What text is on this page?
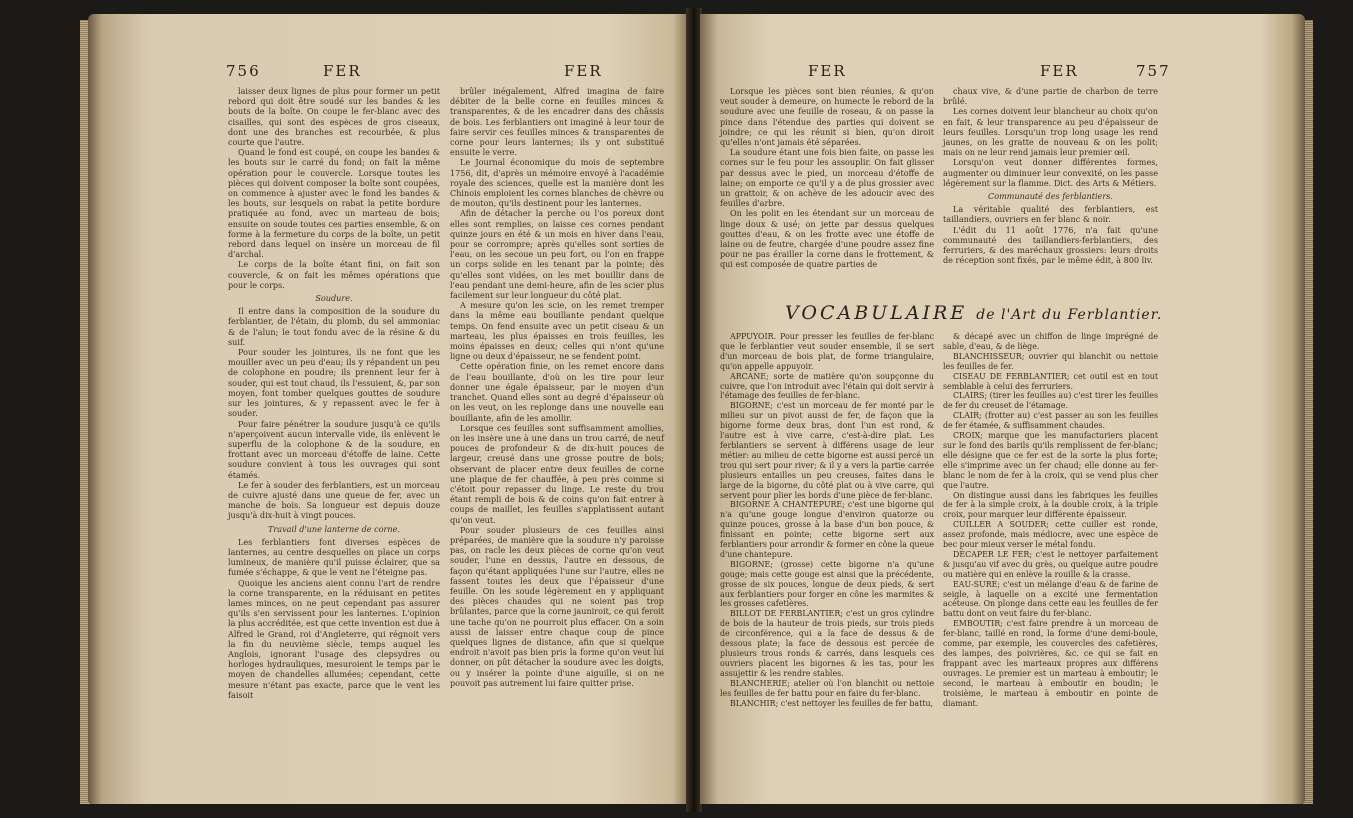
756	FER	FER

laisser deux lignes de plus pour former un petit rebord qui doit être soudé sur les bandes & les bouts de la boîte. On coupe le fer-blanc avec des cisailles, qui sont des espèces de gros ciseaux, dont une des branches est recourbée, & plus courte que l'autre.

Quand le fond est coupé, on coupe les bandes & les bouts sur le carré du fond; on fait la même opération pour le couvercle. Lorsque toutes les pièces qui doivent composer la boîte sont coupées, on commence à ajuster avec le fond les bandes & les bouts, sur lesquels on rabat la petite bordure pratiquée au fond, avec un marteau de bois; ensuite on soude toutes ces parties ensemble, & on forme à la fermeture du corps de la boîte, un petit rebord dans lequel on insère un morceau de fil d'archal.

Le corps de la boîte étant fini, on fait son couvercle, & on fait les mêmes opérations que pour le corps.

Soudure.

Il entre dans la composition de la soudure du ferblantier, de l'étain, du plomb, du sel ammoniac & de l'alun; le tout fondu avec de la résine & du suif.

Pour souder les jointures, ils ne font que les mouiller avec un peu d'eau; ils y répandent un peu de colophone en poudre; ils prennent leur fer à souder, qui est tout chaud, ils l'essuient, &, par son moyen, font tomber quelques gouttes de soudure sur les jointures, & y repassent avec le fer à souder.

Pour faire pénétrer la soudure jusqu'à ce qu'ils n'aperçoivent aucun intervalle vide, ils enlèvent le superflu de la colophone & de la soudure, en frottant avec un morceau d'étoffe de laine. Cette soudure convient à tous les ouvrages qui sont étamés.

Le fer à souder des ferblantiers, est un morceau de cuivre ajusté dans une queue de fer, avec un manche de bois. Sa longueur est depuis douze jusqu'à dix-huit à vingt pouces.

Travail d'une lanterne de corne.

Les ferblantiers font diverses espèces de lanternes, au centre desquelles on place un corps lumineux, de manière qu'il puisse éclairer, que sa fumée s'échappe, & que le vent ne l'éteigne pas.

Quoique les anciens aient connu l'art de rendre la corne transparente, en la réduisant en petites lames minces, on ne peut cependant pas assurer qu'ils s'en servissent pour les lanternes. L'opinion la plus accréditée, est que cette invention est due à Alfred le Grand, roi d'Angleterre, qui régnoit vers la fin du neuvième siècle, temps auquel les Anglois, ignorant l'usage des clepsydres ou horloges hydrauliques, mesuroient le temps par le moyen de chandelles allumées; cependant, cette mesure n'étant pas exacte, parce que le vent les faisoit

brûler inégalement, Alfred imagina de faire débiter de la belle corne en feuilles minces & transparentes, & de les encadrer dans des châssis de bois. Les ferblantiers ont imaginé à leur tour de faire servir ces feuilles minces & transparentes de corne pour leurs lanternes; ils y ont substitué ensuite le verre.

Le Journal économique du mois de septembre 1756, dit, d'après un mémoire envoyé à l'académie royale des sciences, quelle est la manière dont les Chinois emploient les cornes blanches de chèvre ou de mouton, qu'ils destinent pour les lanternes.

Afin de détacher la perche ou l'os poreux dont elles sont remplies, on laisse ces cornes pendant quinze jours en été & un mois en hiver dans l'eau, pour se corrompre; après qu'elles sont sorties de l'eau, on les secoue un peu fort, ou l'on en frappe un corps solide en les tenant par la pointe; dès qu'elles sont vidées, on les met bouillir dans de l'eau pendant une demi-heure, afin de les scier plus facilement sur leur longueur du côté plat.

A mesure qu'on les scie, on les remet tremper dans la même eau bouillante pendant quelque temps. On fend ensuite avec un petit ciseau & un marteau, les plus épaisses en trois feuilles, les moins épaisses en deux; celles qui n'ont qu'une ligne ou deux d'épaisseur, ne se fendent point.

Cette opération finie, on les remet encore dans de l'eau bouillante, d'où on les tire pour leur donner une égale épaisseur, par le moyen d'un tranchet. Quand elles sont au degré d'épaisseur où on les veut, on les replonge dans une nouvelle eau bouillante, afin de les amollir.

Lorsque ces feuilles sont suffisamment amollies, on les insère une à une dans un trou carré, de neuf pouces de profondeur & de dix-huit pouces de largeur, creusé dans une grosse poutre de bois; observant de placer entre deux feuilles de corne une plaque de fer chauffée, à peu près comme si c'étoit pour repasser du linge. Le reste du trou étant rempli de bois & de coins qu'on fait entrer à coups de maillet, les feuilles s'applatissent autant qu'on veut.

Pour souder plusieurs de ces feuilles ainsi préparées, de manière que la soudure n'y paroisse pas, on racle les deux pièces de corne qu'on veut souder, l'une en dessus, l'autre en dessous, de façon qu'étant appliquées l'une sur l'autre, elles ne fassent toutes les deux que l'épaisseur d'une feuille. On les soude légèrement en y appliquant des pièces chaudes qui ne soient pas trop brûlantes, parce que la corne jauniroit, ce qui feroit une tache qu'on ne pourroit plus effacer. On a soin aussi de laisser entre chaque coup de pince quelques lignes de distance, afin que si quelque endroit n'avoit pas bien pris la forme qu'on veut lui donner, on pût détacher la soudure avec les doigts, ou y insérer la pointe d'une aiguille, si on ne pouvoit pas autrement lui faire quitter prise.

FER	FER	757

Lorsque les pièces sont bien réunies, & qu'on veut souder à demeure, on humecte le rebord de la soudure avec une feuille de roseau, & on passe la pince dans l'étendue des parties qui doivent se joindre; ce qui les réunit si bien, qu'on diroit qu'elles n'ont jamais été séparées.

La soudure étant une fois bien faite, on passe les cornes sur le feu pour les assouplir. On fait glisser par dessus avec le pied, un morceau d'étoffe de laine; on emporte ce qu'il y a de plus grossier avec un grattoir, & on achève de les adoucir avec des feuilles d'arbre.

On les polit en les étendant sur un morceau de linge doux & usé; on jette par dessus quelques gouttes d'eau, & on les frotte avec une étoffe de laine ou de feutre, chargée d'une poudre assez fine pour ne pas érailler la corne dans le frottement, & qui est composée de quatre parties de

chaux vive, & d'une partie de charbon de terre brûlé.

Les cornes doivent leur blancheur au choix qu'on en fait, & leur transparence au peu d'épaisseur de leurs feuilles. Lorsqu'un trop long usage les rend jaunes, on les gratte de nouveau & on les polit; mais on ne leur rend jamais leur premier œil.

Lorsqu'on veut donner différentes formes, augmenter ou diminuer leur convexité, on les passe légèrement sur la flamme. Dict. des Arts & Métiers.

Communauté des ferblantiers.

La véritable qualité des ferblantiers, est taillandiers, ouvriers en fer blanc & noir.

L'édit du 11 août 1776, n'a fait qu'une communauté des taillandiers-ferblantiers, des ferruriers, & des maréchaux grossiers: leurs droits de réception sont fixés, par le même édit, à 800 liv.

VOCABULAIRE de l'Art du Ferblantier.

APPUYOIR. Pour presser les feuilles de fer-blanc que le ferblantier veut souder ensemble, il se sert d'un morceau de bois plat, de forme triangulaire, qu'on appelle appuyoir.

ARCANE; sorte de matière qu'on soupçonne du cuivre, que l'on introduit avec l'étain qui doit servir à l'étamage des feuilles de fer-blanc.

BIGORNE; c'est un morceau de fer monté par le milieu sur un pivot aussi de fer, de façon que la bigorne forme deux bras, dont l'un est rond, & l'autre est à vive carre, c'est-à-dire plat. Les ferblantiers se servent à différens usage de leur métier: au milieu de cette bigorne est aussi percé un trou qui sert pour river; & il y a vers la partie carrée plusieurs entailles un peu creuses, faites dans le large de la bigorne, du côté plat ou à vive carre, qui servent pour plier les bords d'une pièce de fer-blanc.

BIGORNE A CHANTEPURE; c'est une bigorne qui n'a qu'une gouge longue d'environ quatorze ou quinze pouces, grosse à la base d'un bon pouce, & finissant en pointe; cette bigorne sert aux ferblantiers pour arrondir & former en cône la queue d'une chantepure.

BIGORNE; (grosse) cette bigorne n'a qu'une gouge; mais cette gouge est ainsi que la précédente, grosse de six pouces, longue de deux pieds, & sert aux ferblantiers pour forger en cône les marmites & les grosses cafetières.

BILLOT DE FERBLANTIER; c'est un gros cylindre de bois de la hauteur de trois pieds, sur trois pieds de circonférence, qui a la face de dessus & de dessous plate; la face de dessous est percée de plusieurs trous ronds & carrés, dans lesquels ces ouvriers placent les bigornes & les tas, pour les assujettir & les rendre stables.

BLANCHERIE; atelier où l'on blanchit ou nettoie les feuilles de fer battu pour en faire du fer-blanc.

BLANCHIR; c'est nettoyer les feuilles de fer battu,

& décapé avec un chiffon de linge imprégné de sable, d'eau, & de liège.

BLANCHISSEUR; ouvrier qui blanchit ou nettoie les feuilles de fer.

CISEAU DE FERBLANTIER; cet outil est en tout semblable à celui des ferruriers.

CLAIRS; (tirer les feuilles au) c'est tirer les feuilles de fer du creuset de l'étamage.

CLAIR; (frotter au) c'est passer au son les feuilles de fer étamée, & suffisamment chaudes.

CROIX; marque que les manufacturiers placent sur le fond des barils qu'ils remplissent de fer-blanc; elle désigne que ce fer est de la sorte la plus forte; elle s'imprime avec un fer chaud; elle donne au fer-blanc le nom de fer à la croix, qui se vend plus cher que l'autre.

On distingue aussi dans les fabriques les feuilles de fer à la simple croix, à la double croix, à la triple croix, pour marquer leur différente épaisseur.

CUILLER A SOUDER; cette cuiller est ronde, assez profonde, mais médiocre, avec une espèce de bec pour mieux verser le métal fondu.

DÉCAPER LE FER; c'est le nettoyer parfaitement & jusqu'au vif avec du grès, ou quelque autre poudre ou matière qui en enlève la rouille & la crasse.

EAU-SURE; c'est un mélange d'eau & de farine de seigle, à laquelle on a excité une fermentation acéteuse. On plonge dans cette eau les feuilles de fer battu dont on veut faire du fer-blanc.

EMBOUTIR; c'est faire prendre à un morceau de fer-blanc, taillé en rond, la forme d'une demi-boule, comme, par exemple, les couvercles des cafetières, des lampes, des poivrières, &c. ce qui se fait en frappant avec les marteaux propres aux différens ouvrages. Le premier est un marteau à emboutir; le second, le marteau à emboutir en boudin; le troisième, le marteau à emboutir en pointe de diamant.
